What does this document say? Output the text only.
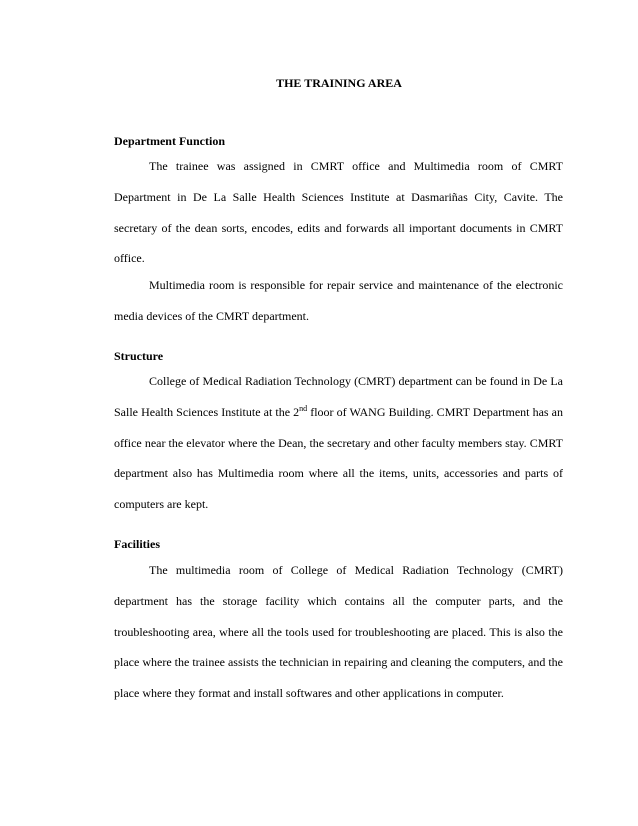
THE TRAINING AREA
Department Function

The trainee was assigned in CMRT office and Multimedia room of CMRT Department in De La Salle Health Sciences Institute at Dasmariñas City, Cavite. The secretary of the dean sorts, encodes, edits and forwards all important documents in CMRT office.

Multimedia room is responsible for repair service and maintenance of the electronic media devices of the CMRT department.

Structure

College of Medical Radiation Technology (CMRT) department can be found in De La Salle Health Sciences Institute at the 2nd floor of WANG Building. CMRT Department has an office near the elevator where the Dean, the secretary and other faculty members stay. CMRT department also has Multimedia room where all the items, units, accessories and parts of computers are kept.

Facilities

The multimedia room of College of Medical Radiation Technology (CMRT) department has the storage facility which contains all the computer parts, and the troubleshooting area, where all the tools used for troubleshooting are placed. This is also the place where the trainee assists the technician in repairing and cleaning the computers, and the place where they format and install softwares and other applications in computer.
